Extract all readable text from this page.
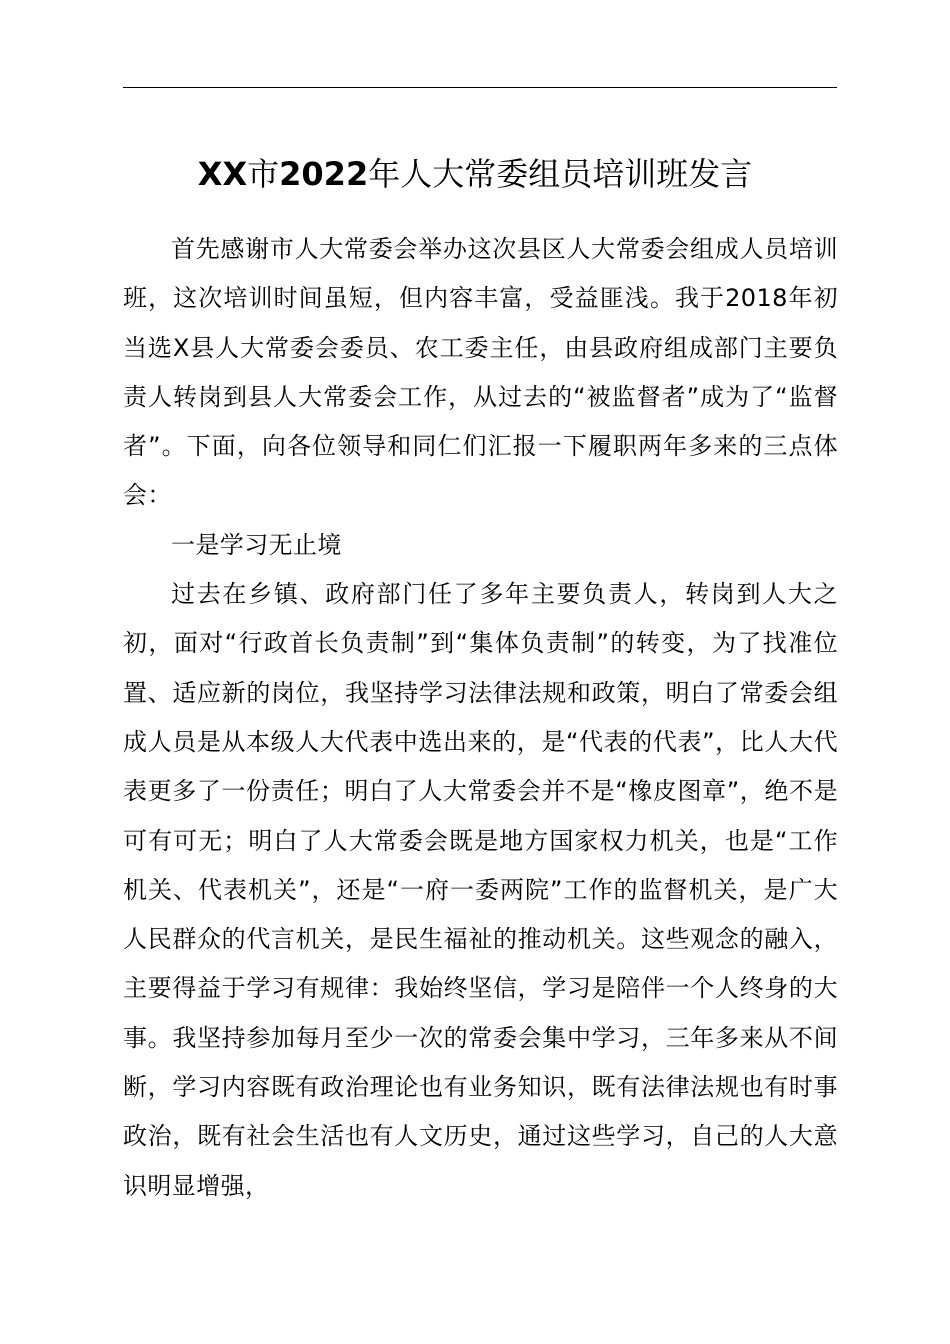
XX市2022年人大常委组员培训班发言

首先感谢市人大常委会举办这次县区人大常委会组成人员培训班，这次培训时间虽短，但内容丰富，受益匪浅。我于2018年初当选X县人大常委会委员、农工委主任，由县政府组成部门主要负责人转岗到县人大常委会工作，从过去的“被监督者”成为了“监督者”。下面，向各位领导和同仁们汇报一下履职两年多来的三点体会：

一是学习无止境

过去在乡镇、政府部门任了多年主要负责人，转岗到人大之初，面对“行政首长负责制”到“集体负责制”的转变，为了找准位置、适应新的岗位，我坚持学习法律法规和政策，明白了常委会组成人员是从本级人大代表中选出来的，是“代表的代表”，比人大代表更多了一份责任；明白了人大常委会并不是“橡皮图章”，绝不是可有可无；明白了人大常委会既是地方国家权力机关，也是“工作机关、代表机关”，还是“一府一委两院”工作的监督机关，是广大人民群众的代言机关，是民生福祉的推动机关。这些观念的融入，主要得益于学习有规律：我始终坚信，学习是陪伴一个人终身的大事。我坚持参加每月至少一次的常委会集中学习，三年多来从不间断，学习内容既有政治理论也有业务知识，既有法律法规也有时事政治，既有社会生活也有人文历史，通过这些学习，自己的人大意识明显增强，
